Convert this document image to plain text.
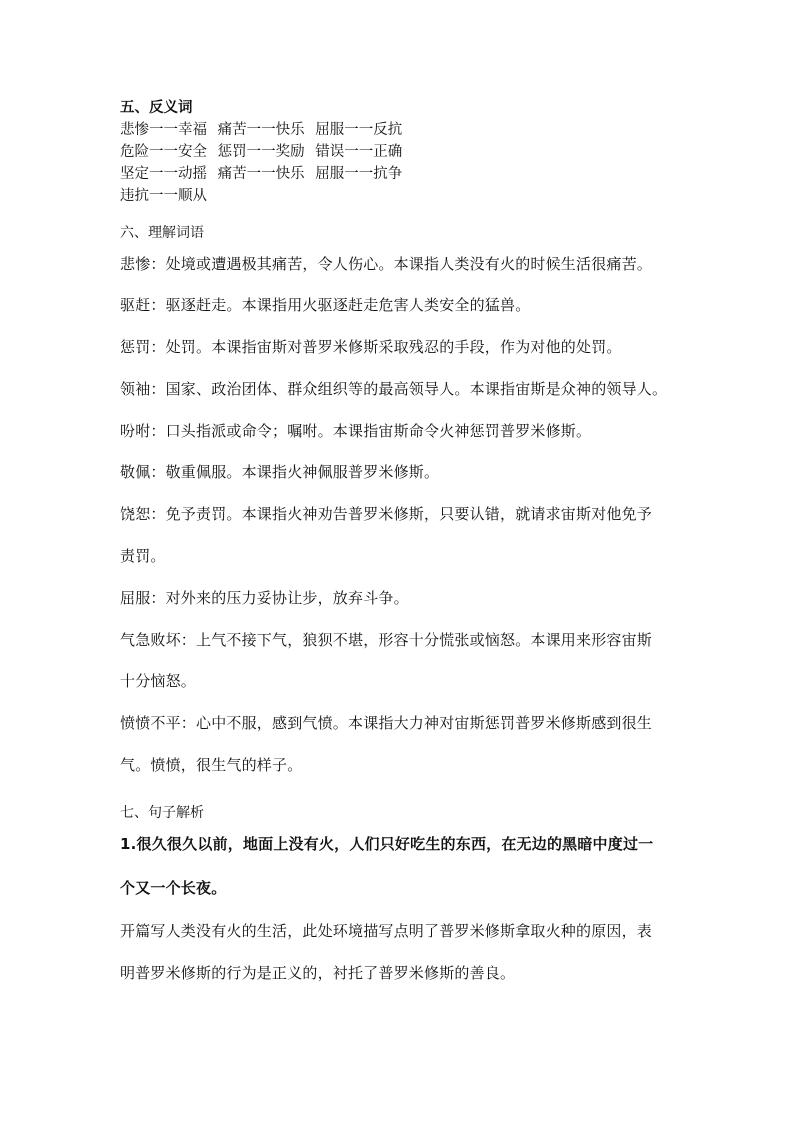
五、反义词
悲惨一一幸福 痛苦一一快乐 屈服一一反抗
危险一一安全 惩罚一一奖励 错误一一正确
坚定一一动摇 痛苦一一快乐 屈服一一抗争
违抗一一顺从
六、理解词语
悲惨：处境或遭遇极其痛苦，令人伤心。本课指人类没有火的时候生活很痛苦。
驱赶：驱逐赶走。本课指用火驱逐赶走危害人类安全的猛兽。
惩罚：处罚。本课指宙斯对普罗米修斯采取残忍的手段，作为对他的处罚。
领袖：国家、政治团体、群众组织等的最高领导人。本课指宙斯是众神的领导人。
吩咐：口头指派或命令；嘱咐。本课指宙斯命令火神惩罚普罗米修斯。
敬佩：敬重佩服。本课指火神佩服普罗米修斯。
饶恕：免予责罚。本课指火神劝告普罗米修斯，只要认错，就请求宙斯对他免予
责罚。
屈服：对外来的压力妥协让步，放弃斗争。
气急败坏：上气不接下气，狼狈不堪，形容十分慌张或恼怒。本课用来形容宙斯
十分恼怒。
愤愤不平：心中不服，感到气愤。本课指大力神对宙斯惩罚普罗米修斯感到很生
气。愤愤，很生气的样子。
七、句子解析
1.很久很久以前，地面上没有火，人们只好吃生的东西，在无边的黑暗中度过一
个又一个长夜。
开篇写人类没有火的生活，此处环境描写点明了普罗米修斯拿取火种的原因，表
明普罗米修斯的行为是正义的，衬托了普罗米修斯的善良。
